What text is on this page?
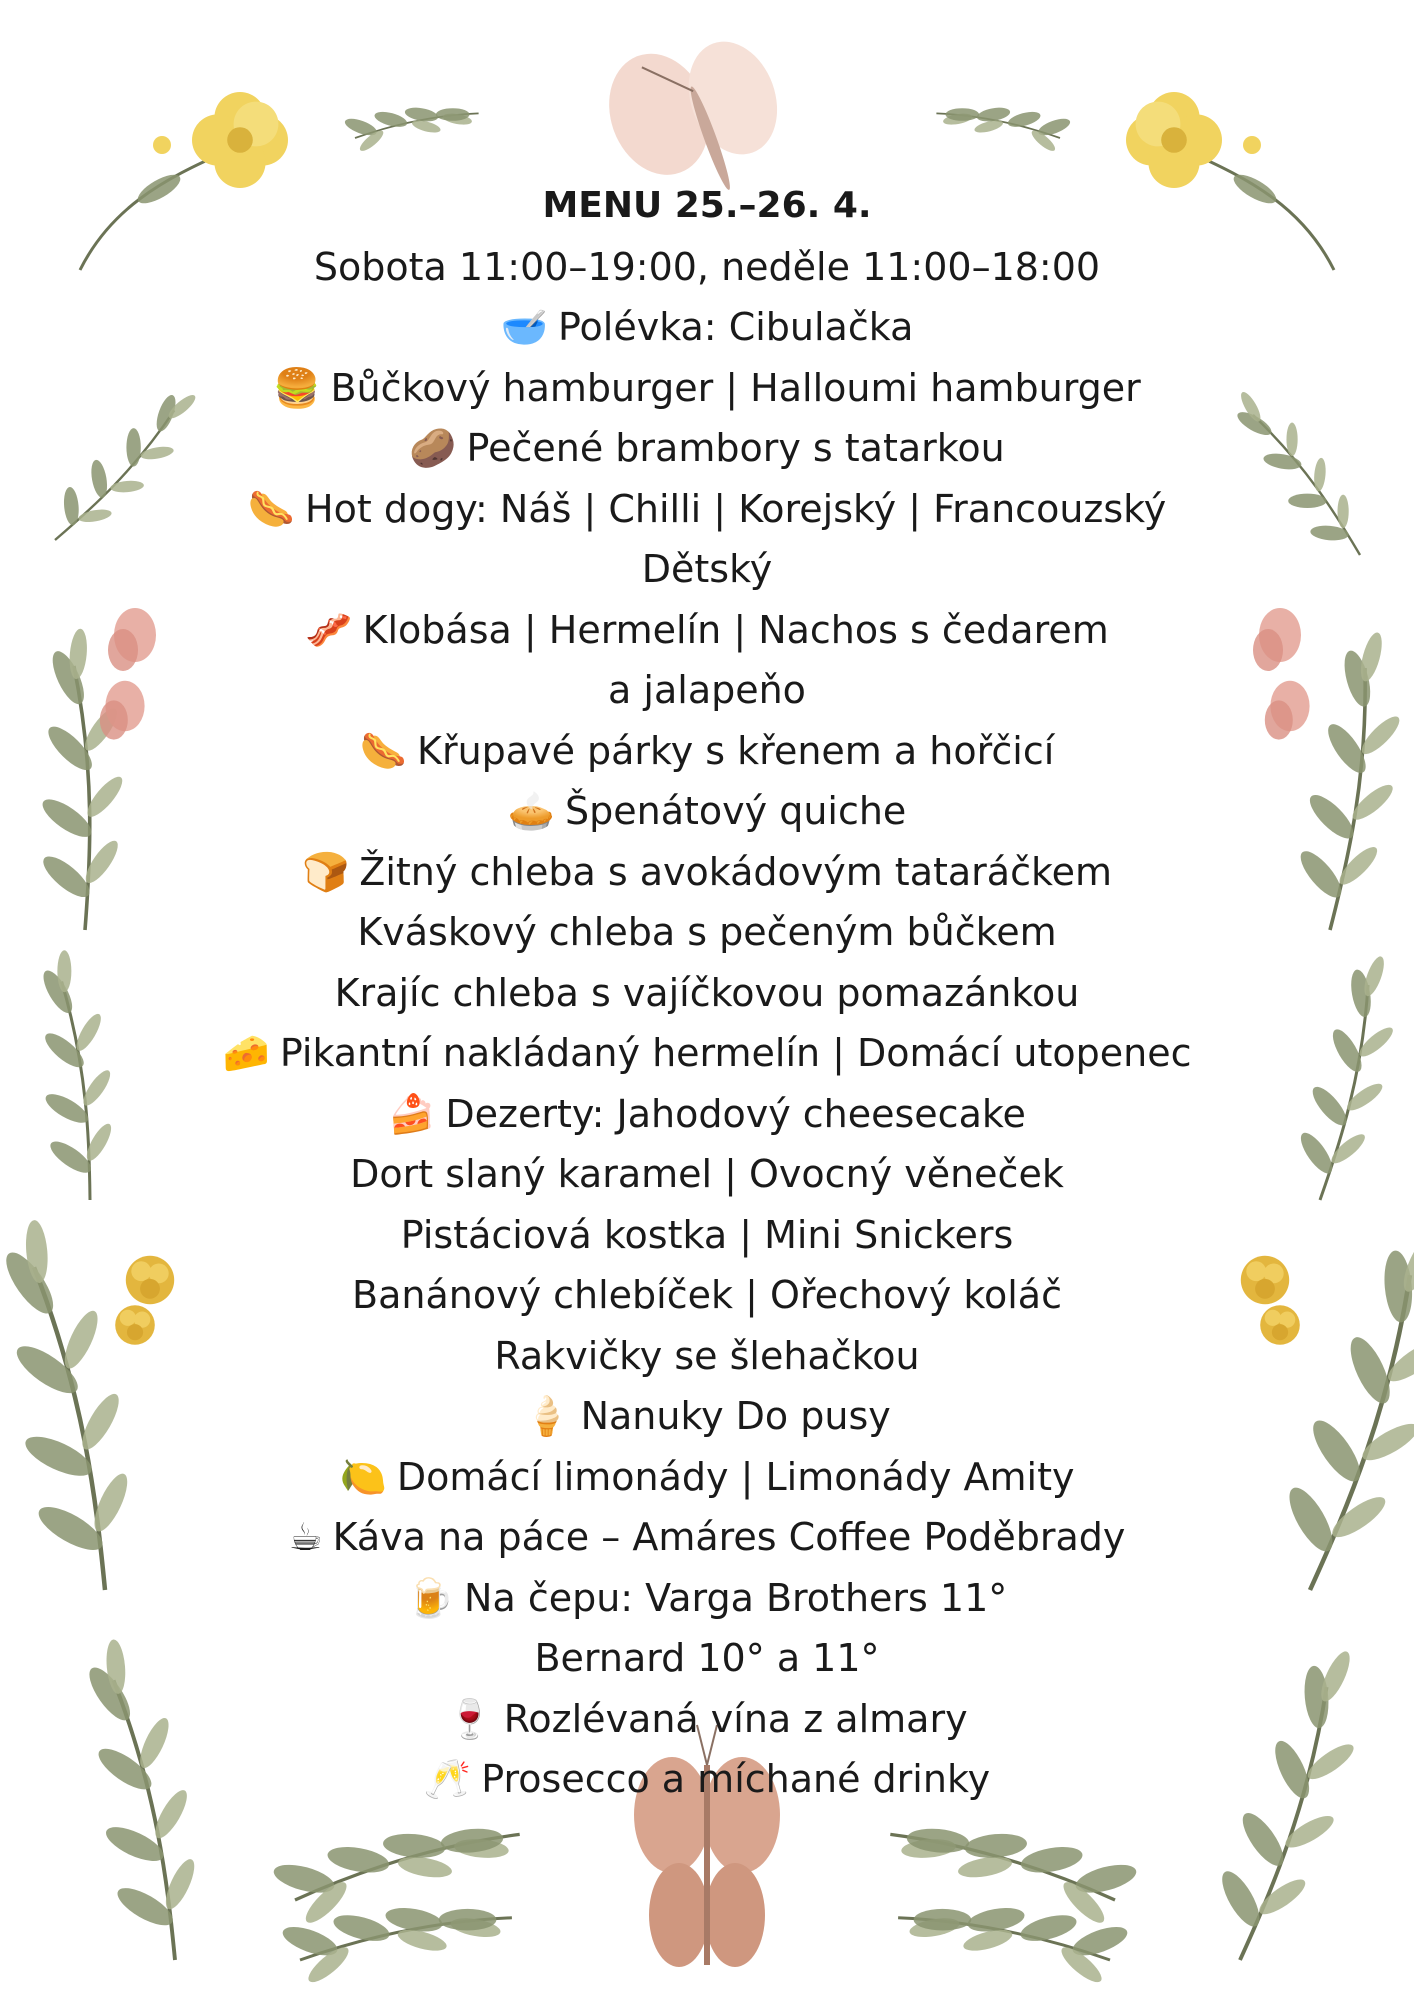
MENU 25.–26. 4.
Sobota 11:00–19:00, neděle 11:00–18:00
🥣 Polévka: Cibulačka
🍔 Bůčkový hamburger | Halloumi hamburger
🥔 Pečené brambory s tatarkou
🌭 Hot dogy: Náš | Chilli | Korejský | Francouzský
Dětský
🥓 Klobása | Hermelín | Nachos s čedarem
a jalapeňo
🌭 Křupavé párky s křenem a hořčicí
🥧 Špenátový quiche
🍞 Žitný chleba s avokádovým tataráčkem
Kváskový chleba s pečeným bůčkem
Krajíc chleba s vajíčkovou pomazánkou
🧀 Pikantní nakládaný hermelín | Domácí utopenec
🍰 Dezerty: Jahodový cheesecake
Dort slaný karamel | Ovocný věneček
Pistáciová kostka | Mini Snickers
Banánový chlebíček | Ořechový koláč
Rakvičky se šlehačkou
🍦 Nanuky Do pusy
🍋 Domácí limonády | Limonády Amity
☕ Káva na páce – Amáres Coffee Poděbrady
🍺 Na čepu: Varga Brothers 11°
Bernard 10° a 11°
🍷 Rozlévaná vína z almary
🥂 Prosecco a míchané drinky
